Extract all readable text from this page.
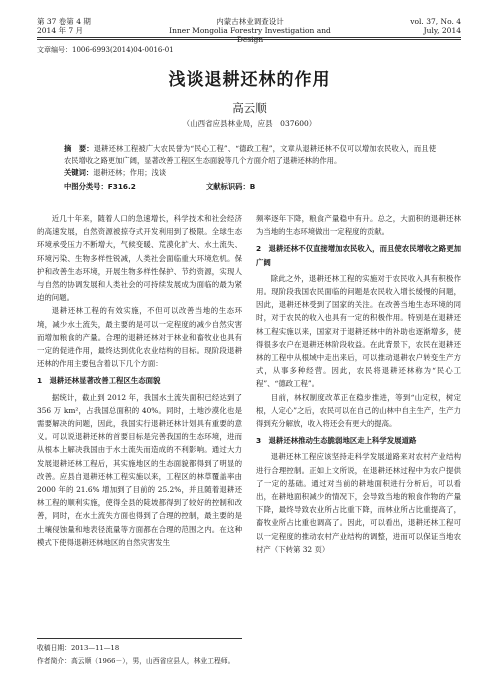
第 37 卷第 4 期
2014 年 7 月
内蒙古林业调查设计
Inner Mongolia Forestry Investigation and Design
vol. 37, No. 4
July, 2014
文章编号：1006-6993(2014)04-0016-01
浅谈退耕还林的作用
高云顺
（山西省应县林业局，应县　037600）
摘　要：退耕还林工程被广大农民誉为“民心工程”、“德政工程”，文章从退耕还林不仅可以增加农民收入，而且使农民增收之路更加广阔，显著改善工程区生态面貌等几个方面介绍了退耕还林的作用。
关键词：退耕还林；作用；浅谈
中图分类号：F316.2	文献标识码：B

近几十年来，随着人口的急速增长，科学技术和社会经济的高速发展，自然资源被掠夺式开发利用到了极限。全球生态环境承受压力不断增大，气候变暖、荒漠化扩大、水土流失、环境污染、生物多样性锐减，人类社会面临重大环境危机。保护和改善生态环境，开展生物多样性保护、节约资源，实现人与自然的协调发展和人类社会的可持续发展成为面临的最为紧迫的问题。

退耕还林工程的有效实施，不但可以改善当地的生态环境，减少水土流失，最主要的是可以一定程度的减少自然灾害而增加粮食的产量。合理的退耕还林对于林业和畜牧业也具有一定的促进作用，最终达到优化农业结构的目标。现阶段退耕还林的作用主要包含着以下几个方面：

1　退耕还林显著改善工程区生态面貌

据统计，截止到 2012 年，我国水土流失面积已经达到了 356 万 km²，占我国总面积的 40%。同时，土地沙漠化也是需要解决的问题，因此，我国实行退耕还林计划具有重要的意义。可以说退耕还林的首要目标是完善我国的生态环境，进而从根本上解决我国由于水土流失而造成的不利影响。通过大力发展退耕还林工程后，其实施地区的生态面貌都得到了明显的改善。应县自退耕还林工程实施以来，工程区的林草覆盖率由 2000 年的 21.6% 增加到了目前的 25.2%，并且随着退耕还林工程的顺利实施，使得全县的陡坡都得到了较好的控制和改善，同时，在水土流失方面也得到了合理的控制，最主要的是土壤侵蚀量和地表径流量等方面都在合理的范围之内。在这种模式下使得退耕还林地区的自然灾害发生

频率逐年下降，粮食产量稳中有升。总之，大面积的退耕还林为当地的生态环境做出一定程度的贡献。

2　退耕还林不仅直接增加农民收入，而且使农民增收之路更加广阔

除此之外，退耕还林工程的实施对于农民收入具有积极作用。现阶段我国农民面临的问题是农民收入增长缓慢的问题，因此，退耕还林受到了国家的关注。在改善当地生态环境的同时，对于农民的收入也具有一定的积极作用。特别是在退耕还林工程实施以来，国家对于退耕还林中的补助也逐渐增多，使得很多农户在退耕还林阶段收益。在此背景下，农民在退耕还林的工程中从根域中走出来后，可以推动退耕农户转变生产方式，从事多种经营。因此，农民将退耕还林称为“民心工程”、“德政工程”。

目前，林权制度改革正在稳步推进，等到“山定权，树定根，人定心”之后，农民可以在自己的山林中自主生产，生产力得到充分解放，收入将还会有更大的提高。

3　退耕还林推动生态脆弱地区走上科学发展道路

退耕还林工程应该坚持走科学发展道路来对农村产业结构进行合理控制。正如上文所说，在退耕还林过程中为农户提供了一定的基础。通过对当前的耕地面积进行分析后，可以看出，在耕地面积减少的情况下，会导致当地的粮食作物的产量下降，最终导致农业所占比重下降，而林业所占比重提高了，畜牧业所占比重也调高了。因此，可以看出，退耕还林工程可以一定程度的推动农村产业结构的调整，进而可以保证当地农村产（下转第 32 页）

收稿日期：2013—11—18
作者简介：高云顺（1966－），男，山西省应县人，林业工程师。
